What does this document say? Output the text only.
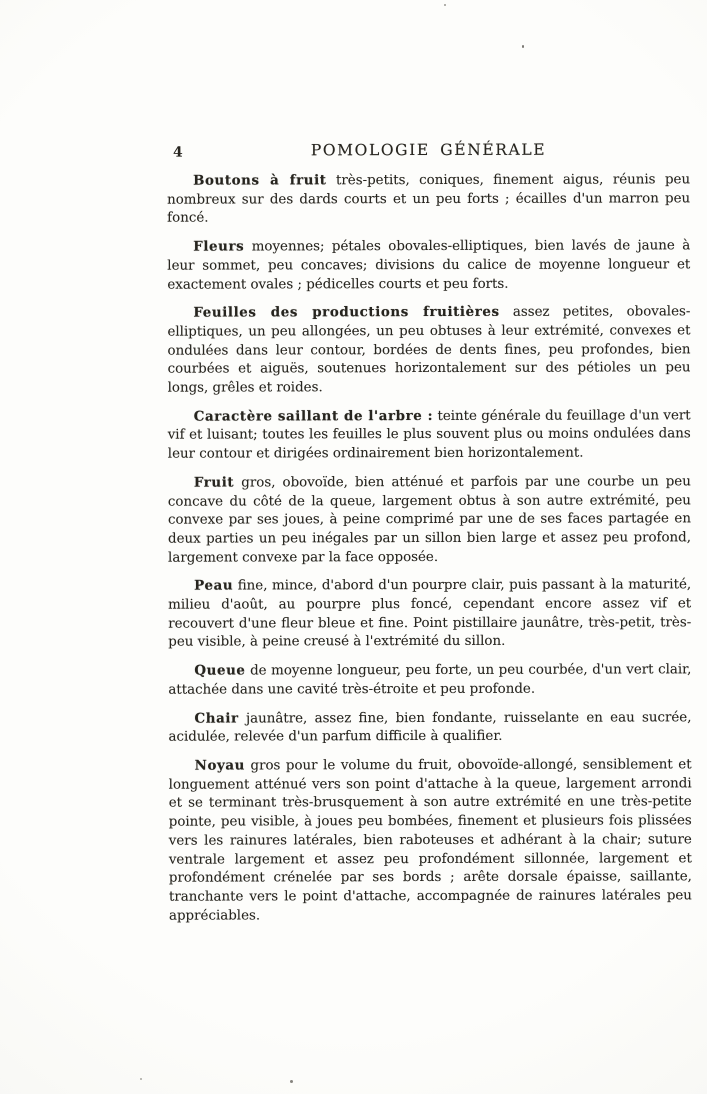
4	POMOLOGIE GÉNÉRALE

Boutons à fruit très-petits, coniques, finement aigus, réunis peu nombreux sur des dards courts et un peu forts ; écailles d'un marron peu foncé.

Fleurs moyennes; pétales obovales-elliptiques, bien lavés de jaune à leur sommet, peu concaves; divisions du calice de moyenne longueur et exactement ovales ; pédicelles courts et peu forts.

Feuilles des productions fruitières assez petites, obovales-elliptiques, un peu allongées, un peu obtuses à leur extrémité, convexes et ondulées dans leur contour, bordées de dents fines, peu profondes, bien courbées et aiguës, soutenues horizontalement sur des pétioles un peu longs, grêles et roides.

Caractère saillant de l'arbre : teinte générale du feuillage d'un vert vif et luisant; toutes les feuilles le plus souvent plus ou moins ondulées dans leur contour et dirigées ordinairement bien horizontalement.

Fruit gros, obovoïde, bien atténué et parfois par une courbe un peu concave du côté de la queue, largement obtus à son autre extrémité, peu convexe par ses joues, à peine comprimé par une de ses faces partagée en deux parties un peu inégales par un sillon bien large et assez peu profond, largement convexe par la face opposée.

Peau fine, mince, d'abord d'un pourpre clair, puis passant à la maturité, milieu d'août, au pourpre plus foncé, cependant encore assez vif et recouvert d'une fleur bleue et fine. Point pistillaire jaunâtre, très-petit, très-peu visible, à peine creusé à l'extrémité du sillon.

Queue de moyenne longueur, peu forte, un peu courbée, d'un vert clair, attachée dans une cavité très-étroite et peu profonde.

Chair jaunâtre, assez fine, bien fondante, ruisselante en eau sucrée, acidulée, relevée d'un parfum difficile à qualifier.

Noyau gros pour le volume du fruit, obovoïde-allongé, sensiblement et longuement atténué vers son point d'attache à la queue, largement arrondi et se terminant très-brusquement à son autre extrémité en une très-petite pointe, peu visible, à joues peu bombées, finement et plusieurs fois plissées vers les rainures latérales, bien raboteuses et adhérant à la chair; suture ventrale largement et assez peu profondément sillonnée, largement et profondément crénelée par ses bords ; arête dorsale épaisse, saillante, tranchante vers le point d'attache, accompagnée de rainures latérales peu appréciables.
